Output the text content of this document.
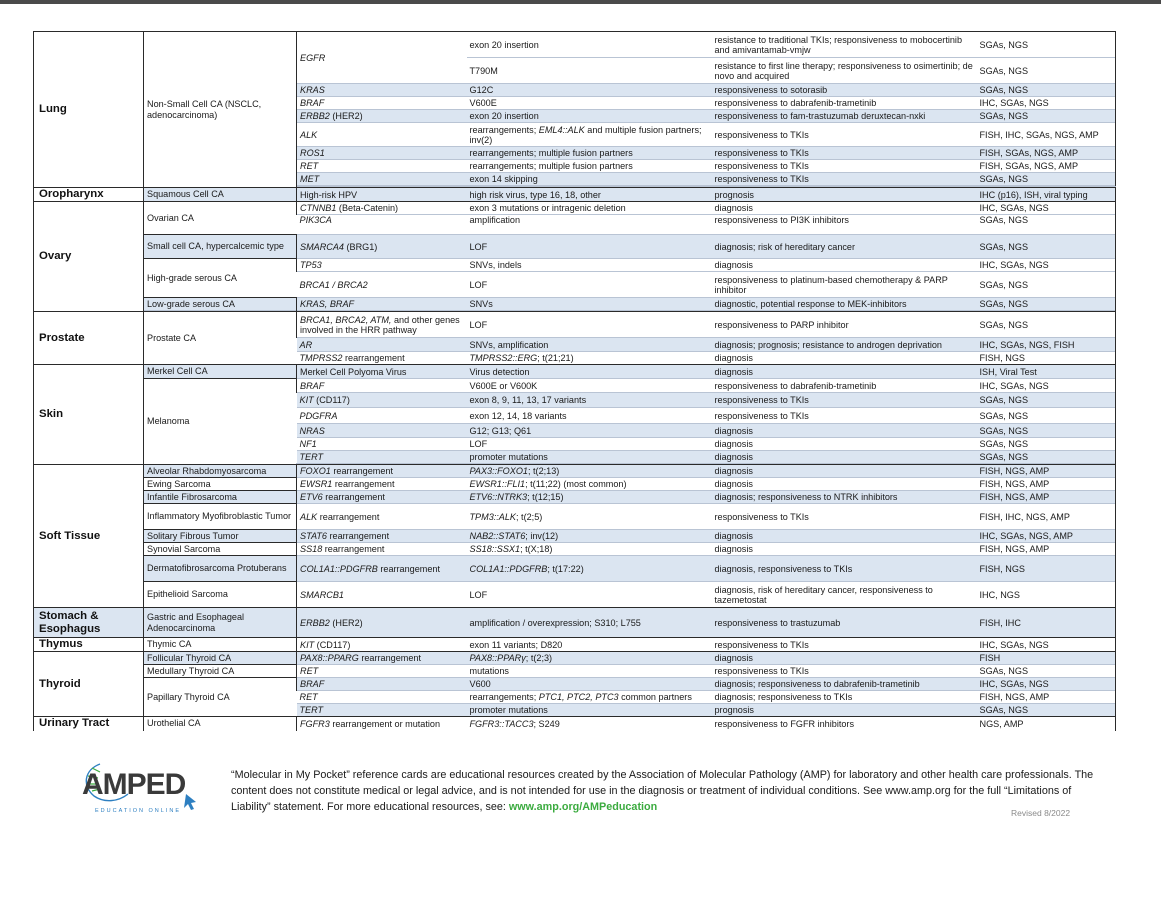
Lung	Non-Small Cell CA (NSCLC, adenocarcinoma)	EGFR	exon 20 insertion	resistance to traditional TKIs; responsiveness to mobocertinib and amivantamab-vmjw	SGAs, NGS
			T790M	resistance to first line therapy; responsiveness to osimertinib; de novo and acquired	SGAs, NGS
		KRAS	G12C	responsiveness to sotorasib	SGAs, NGS
		BRAF	V600E	responsiveness to dabrafenib-trametinib	IHC, SGAs, NGS
		ERBB2 (HER2)	exon 20 insertion	responsiveness to fam-trastuzumab deruxtecan-nxki	SGAs, NGS
		ALK	rearrangements; EML4::ALK and multiple fusion partners; inv(2)	responsiveness to TKIs	FISH, IHC, SGAs, NGS, AMP
		ROS1	rearrangements; multiple fusion partners	responsiveness to TKIs	FISH, SGAs, NGS, AMP
		RET	rearrangements; multiple fusion partners	responsiveness to TKIs	FISH, SGAs, NGS, AMP
		MET	exon 14 skipping	responsiveness to TKIs	SGAs, NGS

Oropharynx	Squamous Cell CA	High-risk HPV	high risk virus, type 16, 18, other	prognosis	IHC (p16), ISH, viral typing
Ovary	Ovarian CA	CTNNB1 (Beta-Catenin)	exon 3 mutations or intragenic deletion	diagnosis	IHC, SGAs, NGS
		PIK3CA	amplification	responsiveness to PI3K inhibitors	SGAs, NGS
	Small cell CA, hypercalcemic type	SMARCA4 (BRG1)	LOF	diagnosis; risk of hereditary cancer	SGAs, NGS
	High-grade serous CA	TP53	SNVs, indels	diagnosis	IHC, SGAs, NGS
		BRCA1 / BRCA2	LOF	responsiveness to platinum-based chemotherapy & PARP inhibitor	SGAs, NGS
	Low-grade serous CA	KRAS, BRAF	SNVs	diagnostic, potential response to MEK-inhibitors	SGAs, NGS

Prostate	Prostate CA	BRCA1, BRCA2, ATM, and other genes involved in the HRR pathway	LOF	responsiveness to PARP inhibitor	SGAs, NGS
		AR	SNVs, amplification	diagnosis; prognosis; resistance to androgen deprivation	IHC, SGAs, NGS, FISH
		TMPRSS2 rearrangement	TMPRSS2::ERG; t(21;21)	diagnosis	FISH, NGS
Skin	Merkel Cell CA	Merkel Cell Polyoma Virus	Virus detection	diagnosis	ISH, Viral Test
	Melanoma	BRAF	V600E or V600K	responsiveness to dabrafenib-trametinib	IHC, SGAs, NGS
		KIT (CD117)	exon 8, 9, 11, 13, 17 variants	responsiveness to TKIs	SGAs, NGS
		PDGFRA	exon 12, 14, 18 variants	responsiveness to TKIs	SGAs, NGS
		NRAS	G12; G13; Q61	diagnosis	SGAs, NGS
		NF1	LOF	diagnosis	SGAs, NGS
		TERT	promoter mutations	diagnosis	SGAs, NGS

Soft Tissue	Alveolar Rhabdomyosarcoma	FOXO1 rearrangement	PAX3::FOXO1; t(2;13)	diagnosis	FISH, NGS, AMP
	Ewing Sarcoma	EWSR1 rearrangement	EWSR1::FLI1; t(11;22) (most common)	diagnosis	FISH, NGS, AMP
	Infantile Fibrosarcoma	ETV6 rearrangement	ETV6::NTRK3; t(12;15)	diagnosis; responsiveness to NTRK inhibitors	FISH, NGS, AMP
	Inflammatory Myofibroblastic Tumor	ALK rearrangement	TPM3::ALK; t(2;5)	responsiveness to TKIs	FISH, IHC, NGS, AMP
	Solitary Fibrous Tumor	STAT6 rearrangement	NAB2::STAT6; inv(12)	diagnosis	IHC, SGAs, NGS, AMP
	Synovial Sarcoma	SS18 rearrangement	SS18::SSX1; t(X;18)	diagnosis	FISH, NGS, AMP
	Dermatofibrosarcoma Protuberans	COL1A1::PDGFRB rearrangement	COL1A1::PDGFRB; t(17:22)	diagnosis, responsiveness to TKIs	FISH, NGS
	Epithelioid Sarcoma	SMARCB1	LOF	diagnosis, risk of hereditary cancer, responsiveness to tazemetostat	IHC, NGS
Stomach & Esophagus	Gastric and Esophageal Adenocarcinoma	ERBB2 (HER2)	amplification / overexpression; S310; L755	responsiveness to trastuzumab	FISH, IHC
Thymus	Thymic CA	KIT (CD117)	exon 11 variants; D820	responsiveness to TKIs	IHC, SGAs, NGS
Thyroid	Follicular Thyroid CA	PAX8::PPARG rearrangement	PAX8::PPARγ; t(2;3)	diagnosis	FISH
	Medullary Thyroid CA	RET	mutations	responsiveness to TKIs	SGAs, NGS
	Papillary Thyroid CA	BRAF	V600	diagnosis; responsiveness to dabrafenib-trametinib	IHC, SGAs, NGS
		RET	rearrangements; PTC1, PTC2, PTC3 common partners	diagnosis; responsiveness to TKIs	FISH, NGS, AMP
		TERT	promoter mutations	prognosis	SGAs, NGS
Urinary Tract	Urothelial CA	FGFR3 rearrangement or mutation	FGFR3::TACC3; S249	responsiveness to FGFR inhibitors	NGS, AMP
AMPED
EDUCATION ONLINE
“Molecular in My Pocket” reference cards are educational resources created by the Association of Molecular Pathology (AMP) for laboratory and other health care professionals. The content does not constitute medical or legal advice, and is not intended for use in the diagnosis or treatment of individual conditions. See www.amp.org for the full “Limitations of Liability” statement. For more educational resources, see: www.amp.org/AMPeducation	Revised 8/2022
